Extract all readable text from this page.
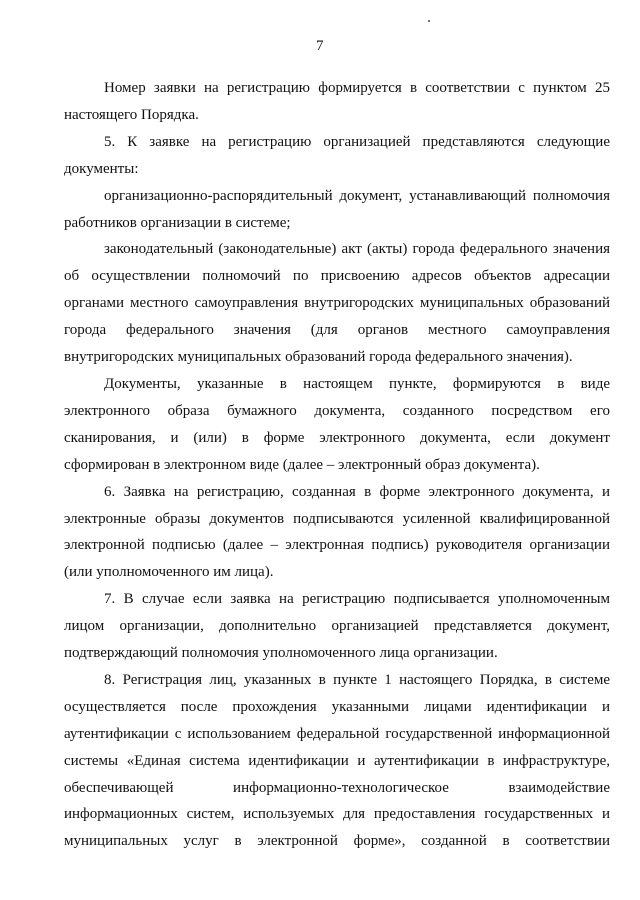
7

Номер заявки на регистрацию формируется в соответствии с пунктом 25 настоящего Порядка.

5. К заявке на регистрацию организацией представляются следующие документы:

организационно-распорядительный документ, устанавливающий полномочия работников организации в системе;

законодательный (законодательные) акт (акты) города федерального значения об осуществлении полномочий по присвоению адресов объектов адресации органами местного самоуправления внутригородских муниципальных образований города федерального значения (для органов местного самоуправления внутригородских муниципальных образований города федерального значения).

Документы, указанные в настоящем пункте, формируются в виде электронного образа бумажного документа, созданного посредством его сканирования, и (или) в форме электронного документа, если документ сформирован в электронном виде (далее – электронный образ документа).

6. Заявка на регистрацию, созданная в форме электронного документа, и электронные образы документов подписываются усиленной квалифицированной электронной подписью (далее – электронная подпись) руководителя организации (или уполномоченного им лица).

7. В случае если заявка на регистрацию подписывается уполномоченным лицом организации, дополнительно организацией представляется документ, подтверждающий полномочия уполномоченного лица организации.

8. Регистрация лиц, указанных в пункте 1 настоящего Порядка, в системе осуществляется после прохождения указанными лицами идентификации и аутентификации с использованием федеральной государственной информационной системы «Единая система идентификации и аутентификации в инфраструктуре, обеспечивающей информационно-технологическое взаимодействие информационных систем, используемых для предоставления государственных и муниципальных услуг в электронной форме», созданной в соответствии
